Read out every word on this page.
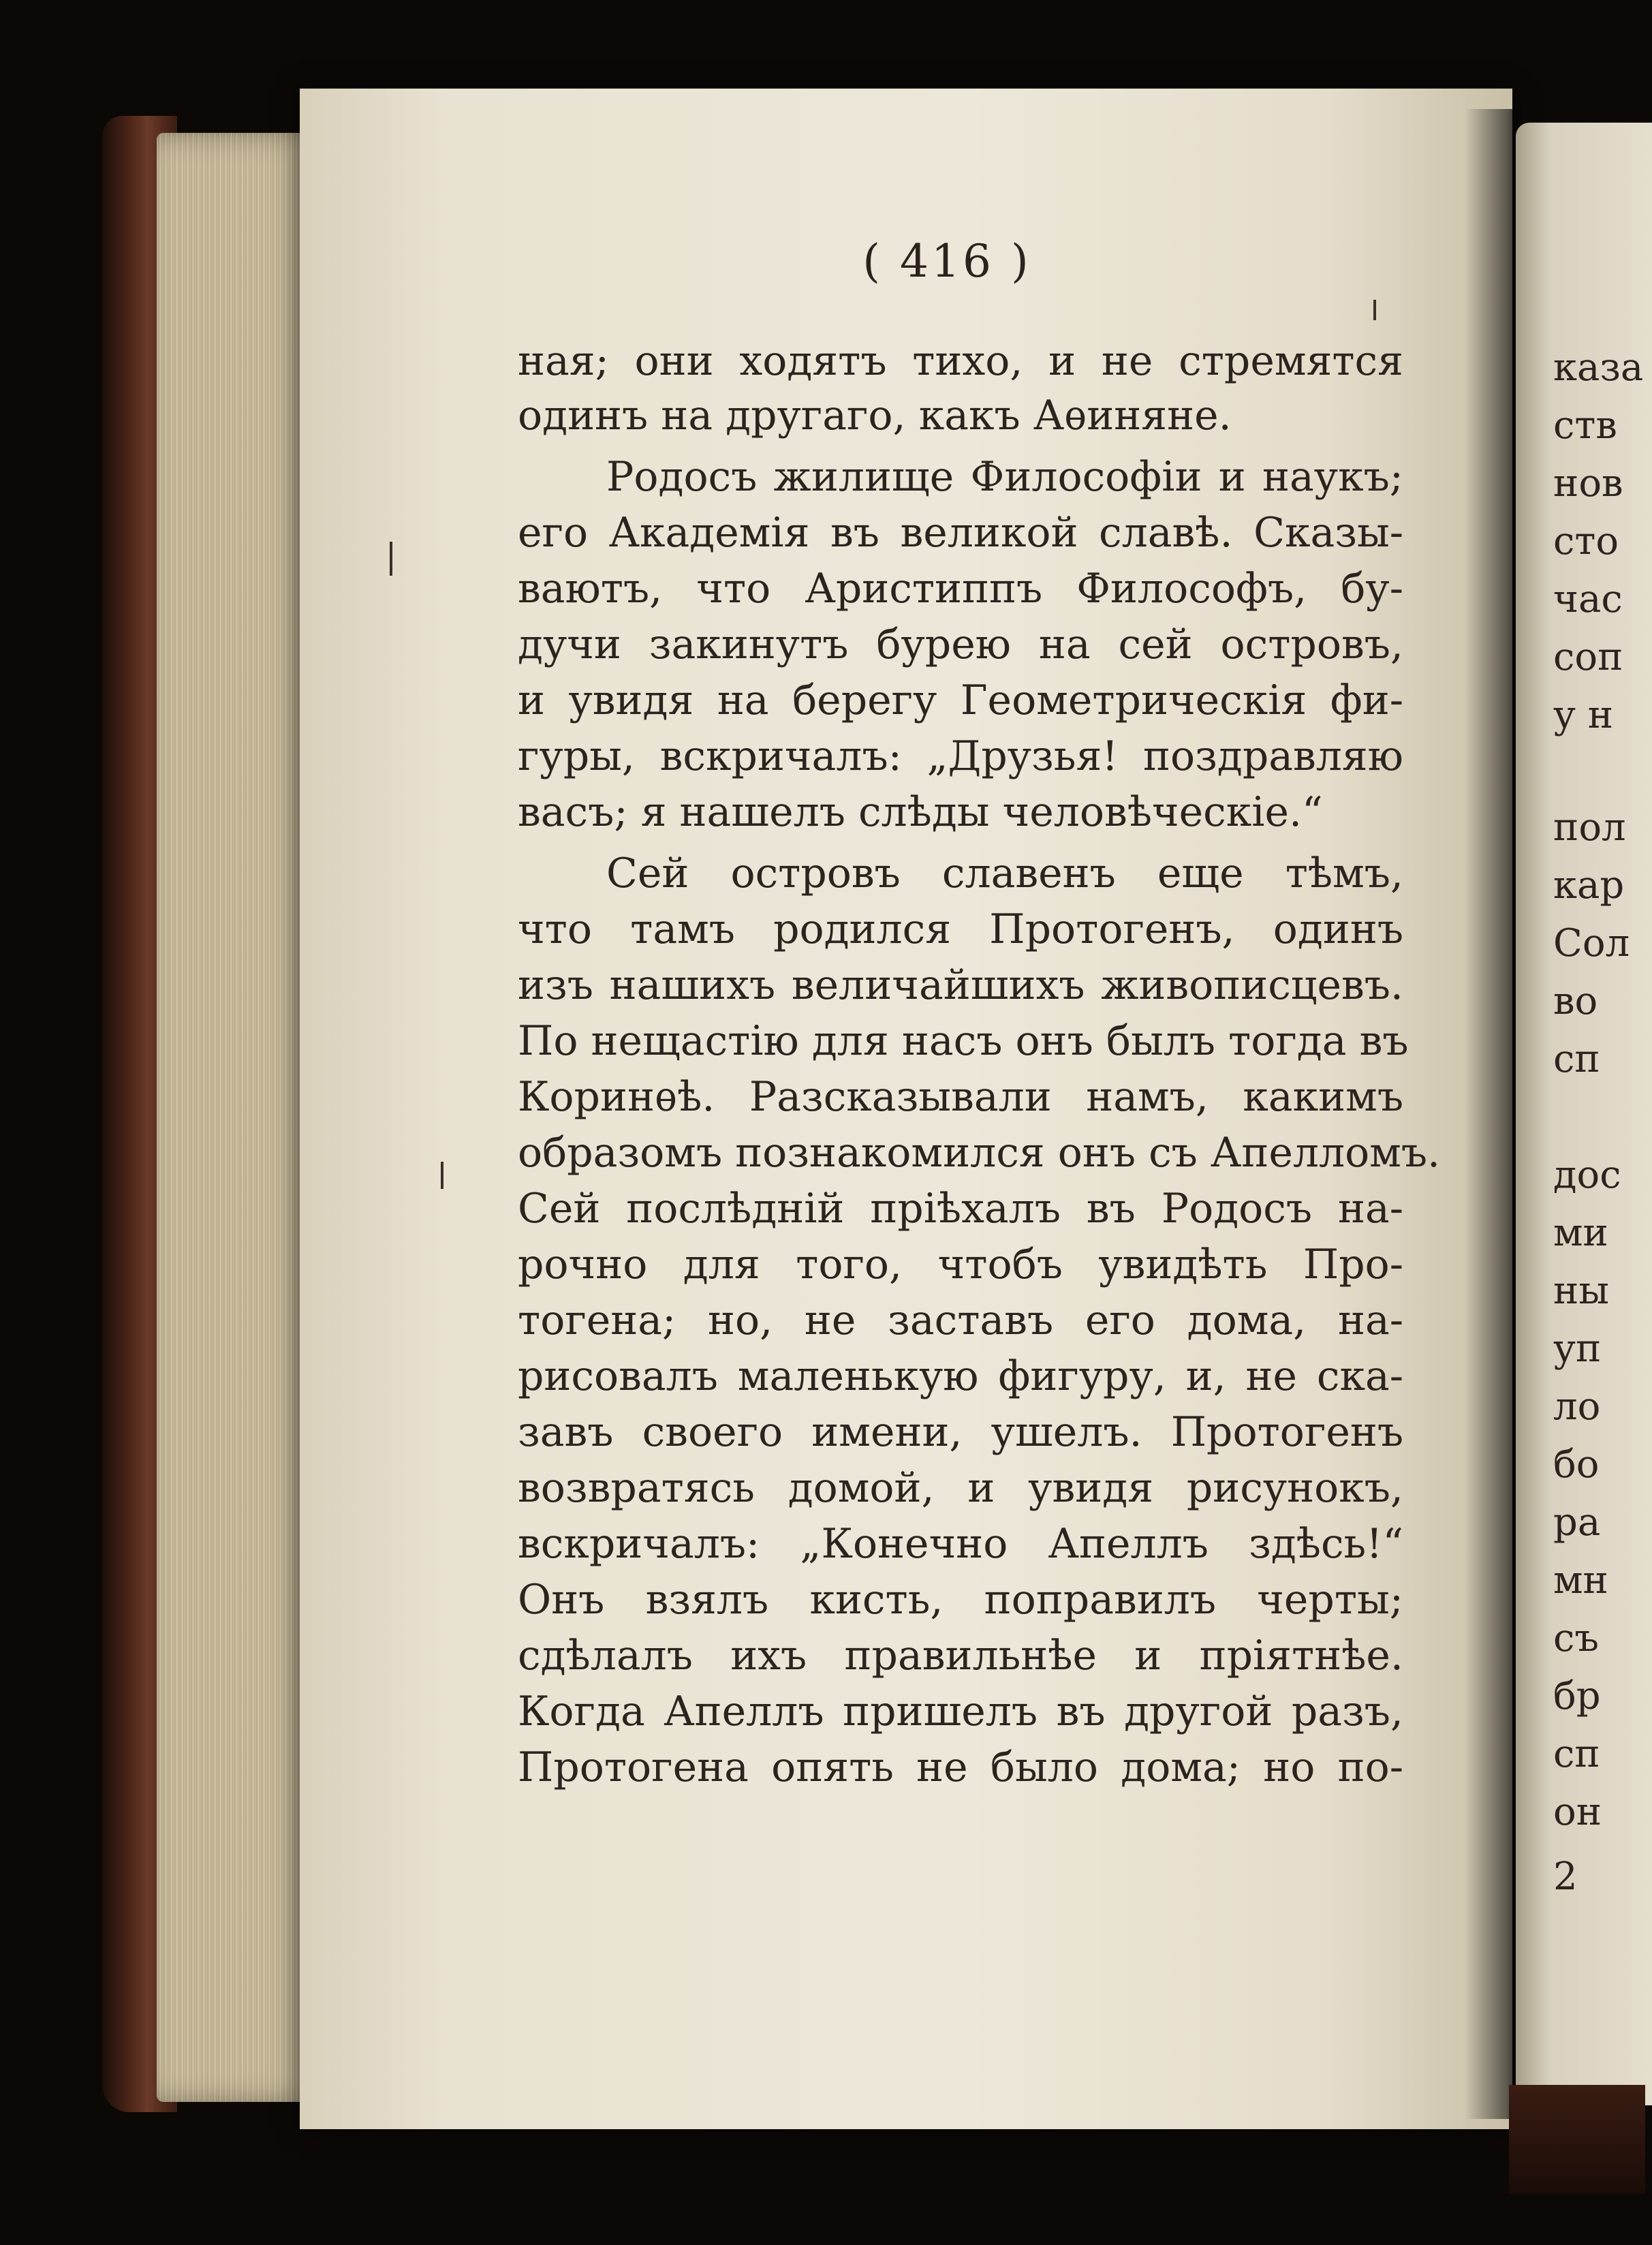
( 416 )
ная; они ходятъ тихо, и не стремятся
одинъ на другаго, какъ Аѳиняне.
Родосъ жилище Философіи и наукъ;
его Академія въ великой славѣ. Сказы-
ваютъ, что Аристиппъ Философъ, бу-
дучи закинутъ бурею на сей островъ,
и увидя на берегу Геометрическія фи-
гуры, вскричалъ: „Друзья! поздравляю
васъ; я нашелъ слѣды человѣческіе.“
Сей островъ славенъ еще тѣмъ,
что тамъ родился Протогенъ, одинъ
изъ нашихъ величайшихъ живописцевъ.
По нещастію для насъ онъ былъ тогда въ
Коринѳѣ. Разсказывали намъ, какимъ
образомъ познакомился онъ съ Апелломъ.
Сей послѣдній пріѣхалъ въ Родосъ на-
рочно для того, чтобъ увидѣть Про-
тогена; но, не заставъ его дома, на-
рисовалъ маленькую фигуру, и, не ска-
завъ своего имени, ушелъ. Протогенъ
возвратясь домой, и увидя рисунокъ,
вскричалъ: „Конечно Апеллъ здѣсь!“
Онъ взялъ кисть, поправилъ черты;
сдѣлалъ ихъ правильнѣе и пріятнѣе.
Когда Апеллъ пришелъ въ другой разъ,
Протогена опять не было дома; но по-
каза
ств
нов
сто
час
соп
у н
пол
кар
Сол
во
сп
дос
ми
ны
уп
ло
бо
ра
мн
съ
бр
сп
он
2
